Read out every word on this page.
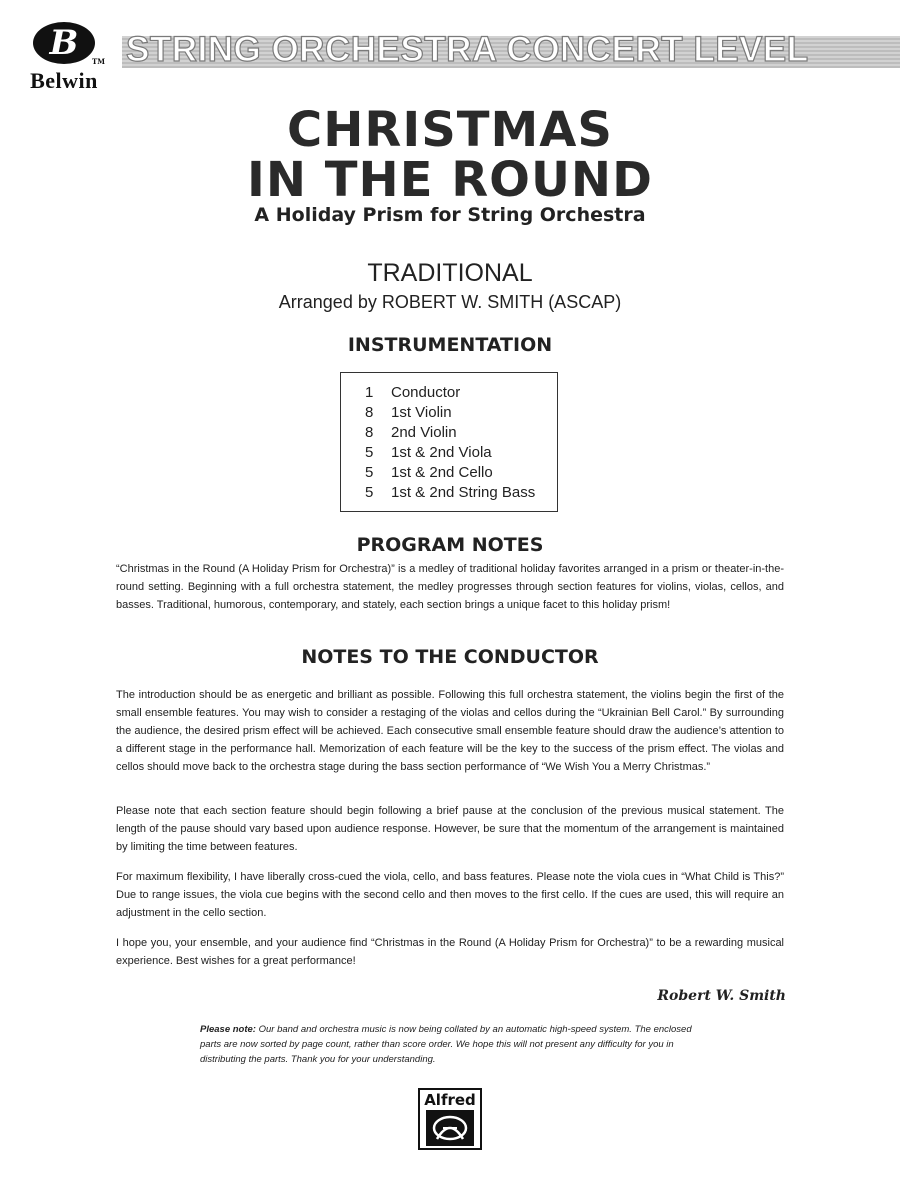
B TM
Belwin
STRING ORCHESTRA CONCERT LEVEL
CHRISTMAS
IN THE ROUND
A Holiday Prism for String Orchestra
TRADITIONAL
Arranged by ROBERT W. SMITH (ASCAP)
INSTRUMENTATION
1	Conductor
8	1st Violin
8	2nd Violin
5	1st & 2nd Viola
5	1st & 2nd Cello
5	1st & 2nd String Bass
PROGRAM NOTES

“Christmas in the Round (A Holiday Prism for Orchestra)” is a medley of traditional holiday favorites arranged in a prism or theater-in-the-round setting. Beginning with a full orchestra statement, the medley progresses through section features for violins, violas, cellos, and basses. Traditional, humorous, contemporary, and stately, each section brings a unique facet to this holiday prism!

NOTES TO THE CONDUCTOR

The introduction should be as energetic and brilliant as possible. Following this full orchestra statement, the violins begin the first of the small ensemble features. You may wish to consider a restaging of the violas and cellos during the “Ukrainian Bell Carol.” By surrounding the audience, the desired prism effect will be achieved. Each consecutive small ensemble feature should draw the audience’s attention to a different stage in the performance hall. Memorization of each feature will be the key to the success of the prism effect. The violas and cellos should move back to the orchestra stage during the bass section performance of “We Wish You a Merry Christmas.”

Please note that each section feature should begin following a brief pause at the conclusion of the previous musical statement. The length of the pause should vary based upon audience response. However, be sure that the momentum of the arrangement is maintained by limiting the time between features.

For maximum flexibility, I have liberally cross-cued the viola, cello, and bass features. Please note the viola cues in “What Child is This?” Due to range issues, the viola cue begins with the second cello and then moves to the first cello. If the cues are used, this will require an adjustment in the cello section.

I hope you, your ensemble, and your audience find “Christmas in the Round (A Holiday Prism for Orchestra)” to be a rewarding musical experience. Best wishes for a great performance!

Robert W. Smith

Please note: Our band and orchestra music is now being collated by an automatic high-speed system. The enclosed parts are now sorted by page count, rather than score order. We hope this will not present any difficulty for you in distributing the parts. Thank you for your understanding.

Alfred
